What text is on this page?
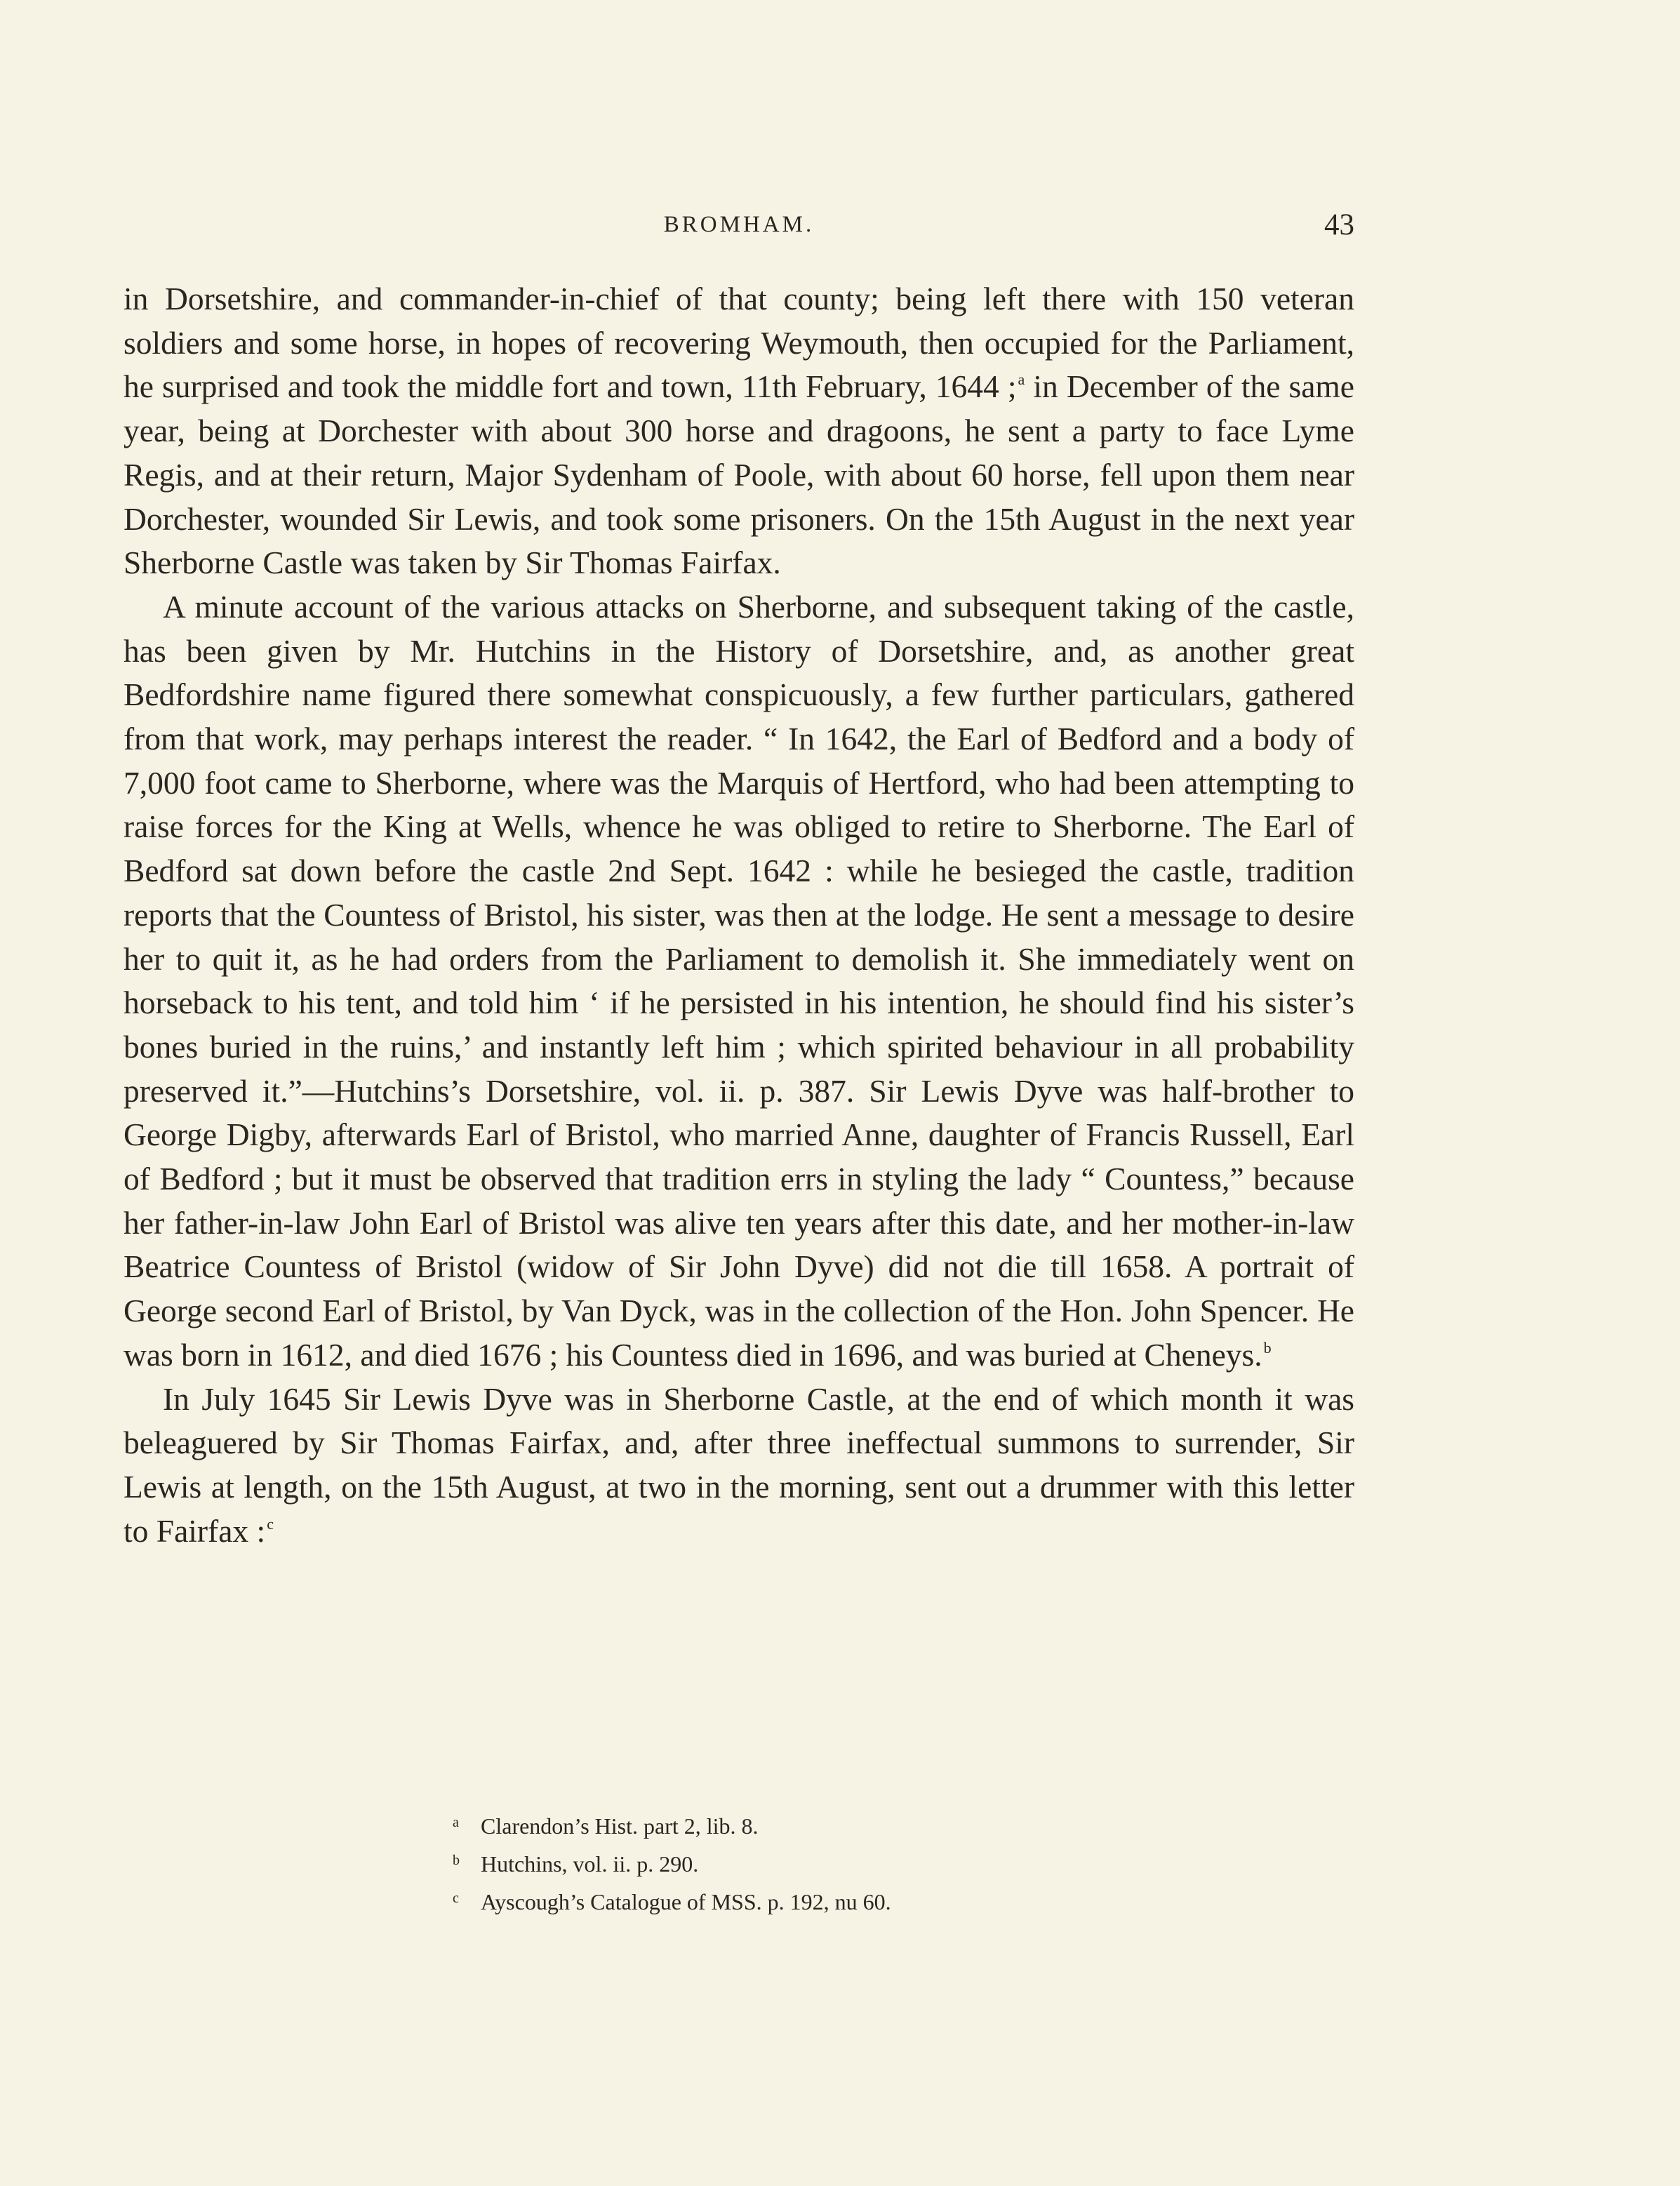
BROMHAM.	43

in Dorsetshire, and commander-in-chief of that county; being left there with 150 veteran soldiers and some horse, in hopes of recovering Weymouth, then occupied for the Parliament, he surprised and took the middle fort and town, 11th February, 1644 ;$^a$ in December of the same year, being at Dorchester with about 300 horse and dragoons, he sent a party to face Lyme Regis, and at their return, Major Sydenham of Poole, with about 60 horse, fell upon them near Dorchester, wounded Sir Lewis, and took some prisoners. On the 15th August in the next year Sherborne Castle was taken by Sir Thomas Fairfax.

A minute account of the various attacks on Sherborne, and subsequent taking of the castle, has been given by Mr. Hutchins in the History of Dorsetshire, and, as another great Bedfordshire name figured there somewhat conspicuously, a few further particulars, gathered from that work, may perhaps interest the reader. “ In 1642, the Earl of Bedford and a body of 7,000 foot came to Sherborne, where was the Marquis of Hertford, who had been attempting to raise forces for the King at Wells, whence he was obliged to retire to Sherborne. The Earl of Bedford sat down before the castle 2nd Sept. 1642 : while he besieged the castle, tradition reports that the Countess of Bristol, his sister, was then at the lodge. He sent a message to desire her to quit it, as he had orders from the Parliament to demolish it. She immediately went on horseback to his tent, and told him ‘ if he persisted in his intention, he should find his sister’s bones buried in the ruins,’ and instantly left him ; which spirited behaviour in all probability preserved it.”—Hutchins’s Dorsetshire, vol. ii. p. 387. Sir Lewis Dyve was half-brother to George Digby, afterwards Earl of Bristol, who married Anne, daughter of Francis Russell, Earl of Bedford ; but it must be observed that tradition errs in styling the lady “ Countess,” because her father-in-law John Earl of Bristol was alive ten years after this date, and her mother-in-law Beatrice Countess of Bristol (widow of Sir John Dyve) did not die till 1658. A portrait of George second Earl of Bristol, by Van Dyck, was in the collection of the Hon. John Spencer. He was born in 1612, and died 1676 ; his Countess died in 1696, and was buried at Cheneys.$^b$

In July 1645 Sir Lewis Dyve was in Sherborne Castle, at the end of which month it was beleaguered by Sir Thomas Fairfax, and, after three ineffectual summons to surrender, Sir Lewis at length, on the 15th August, at two in the morning, sent out a drummer with this letter to Fairfax :$^c$

a Clarendon’s Hist. part 2, lib. 8.

b Hutchins, vol. ii. p. 290.

c Ayscough’s Catalogue of MSS. p. 192, nu 60.
